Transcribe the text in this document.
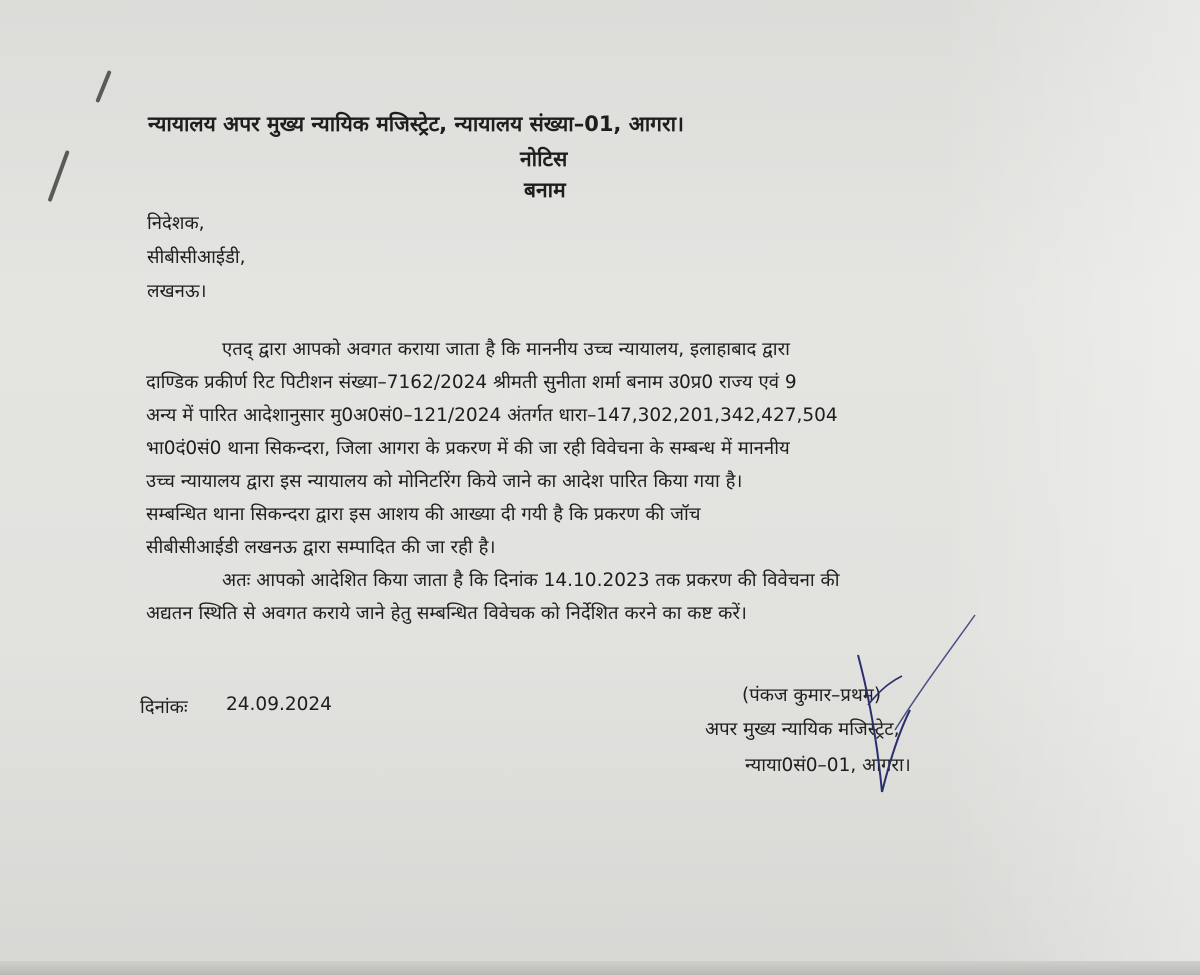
न्यायालय अपर मुख्य न्यायिक मजिस्ट्रेट, न्यायालय संख्या–01, आगरा।
नोटिस
बनाम
निदेशक,
सीबीसीआईडी,
लखनऊ।
एतद् द्वारा आपको अवगत कराया जाता है कि माननीय उच्च न्यायालय, इलाहाबाद द्वारा
दाण्डिक प्रकीर्ण रिट पिटीशन संख्या–7162/2024 श्रीमती सुनीता शर्मा बनाम उ0प्र0 राज्य एवं 9
अन्य में पारित आदेशानुसार मु0अ0सं0–121/2024 अंतर्गत धारा–147,302,201,342,427,504
भा0दं0सं0 थाना सिकन्दरा, जिला आगरा के प्रकरण में की जा रही विवेचना के सम्बन्ध में माननीय
उच्च न्यायालय द्वारा इस न्यायालय को मोनिटरिंग किये जाने का आदेश पारित किया गया है।
सम्बन्धित थाना सिकन्दरा द्वारा इस आशय की आख्या दी गयी है कि प्रकरण की जॉच
सीबीसीआईडी लखनऊ द्वारा सम्पादित की जा रही है।
अतः आपको आदेशित किया जाता है कि दिनांक 14.10.2023 तक प्रकरण की विवेचना की
अद्यतन स्थिति से अवगत कराये जाने हेतु सम्बन्धित विवेचक को निर्देशित करने का कष्ट करें।
दिनांकः 24.09.2024	(पंकज कुमार–प्रथम)
अपर मुख्य न्यायिक मजिस्ट्रेट,
न्याया0सं0–01, आगरा।
